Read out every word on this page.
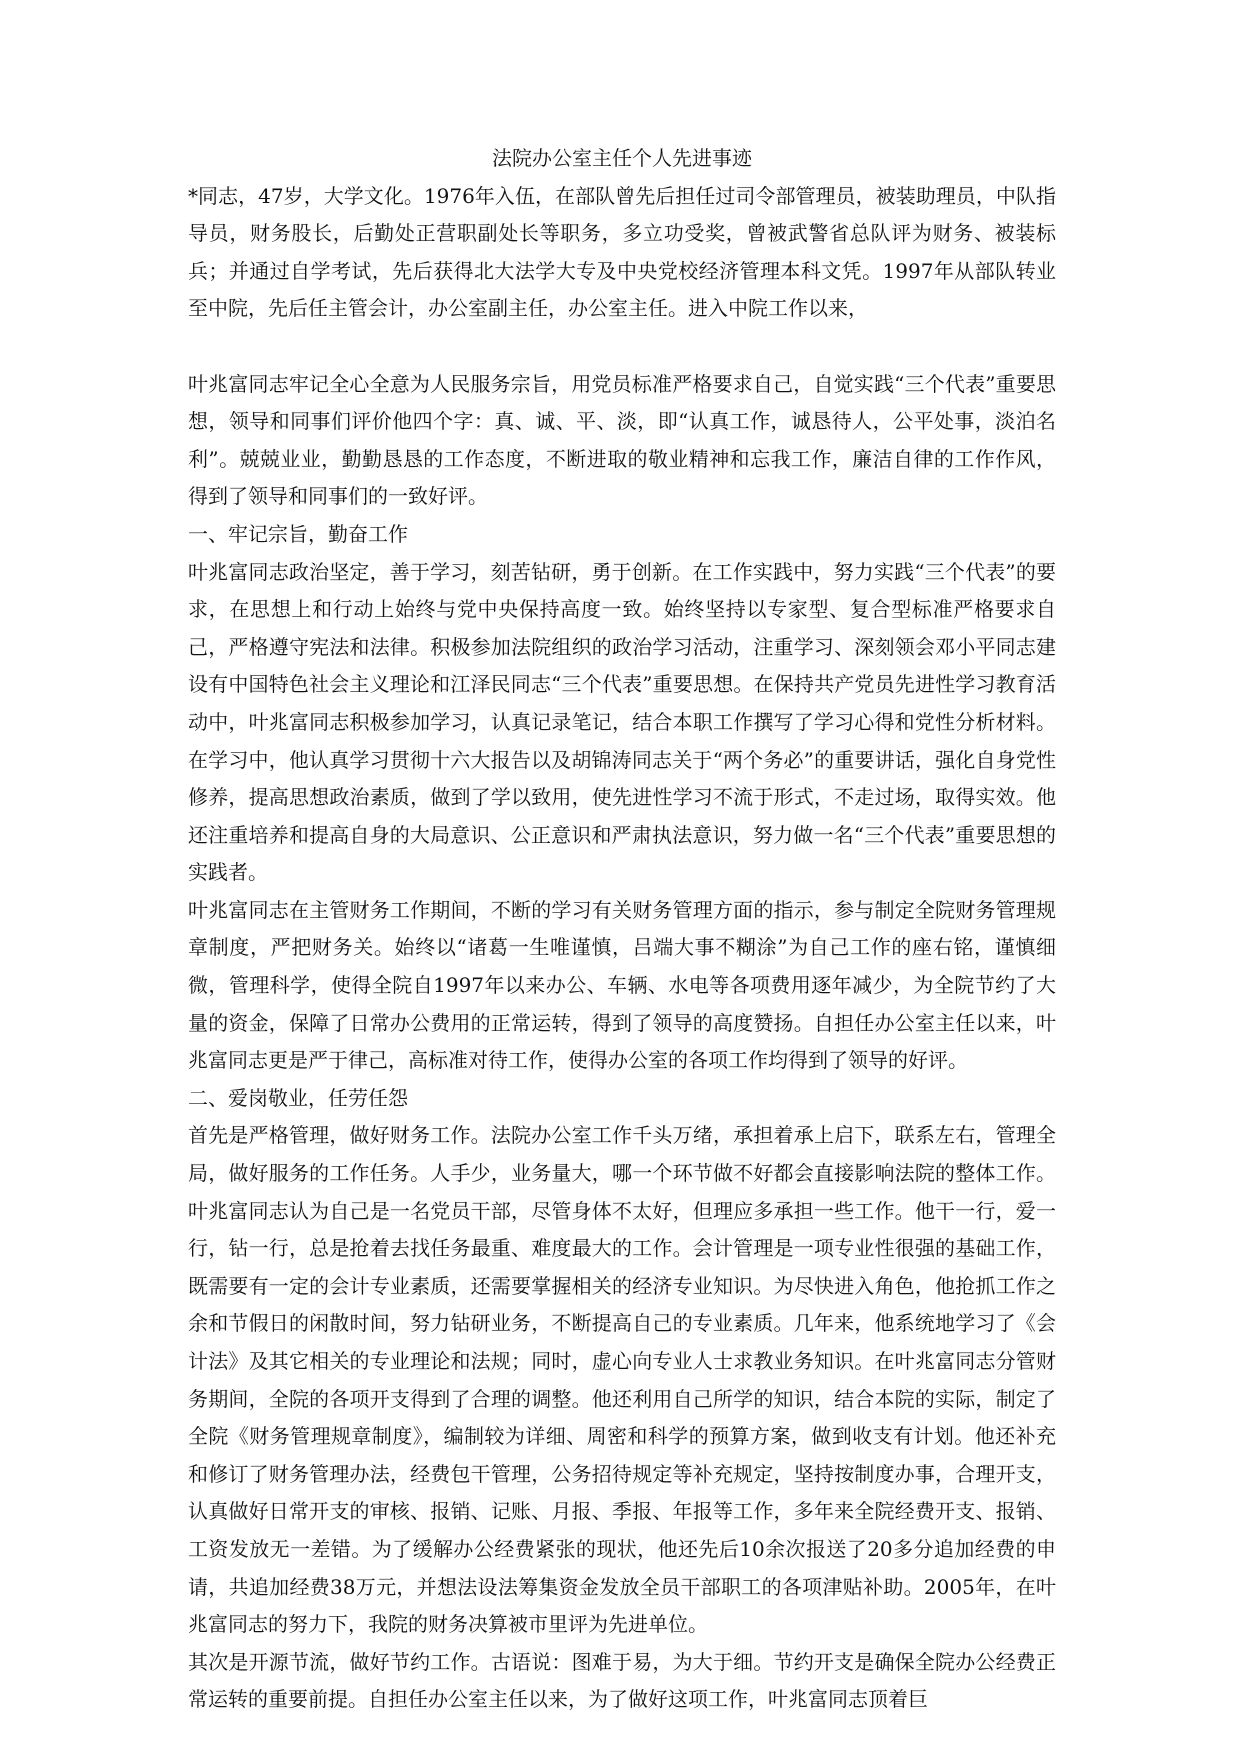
法院办公室主任个人先进事迹

*同志，47岁，大学文化。1976年入伍，在部队曾先后担任过司令部管理员，被装助理员，中队指导员，财务股长，后勤处正营职副处长等职务，多立功受奖，曾被武警省总队评为财务、被装标兵；并通过自学考试，先后获得北大法学大专及中央党校经济管理本科文凭。1997年从部队转业至中院，先后任主管会计，办公室副主任，办公室主任。进入中院工作以来，

叶兆富同志牢记全心全意为人民服务宗旨，用党员标准严格要求自己，自觉实践“三个代表”重要思想，领导和同事们评价他四个字：真、诚、平、淡，即“认真工作，诚恳待人，公平处事，淡泊名利”。兢兢业业，勤勤恳恳的工作态度，不断进取的敬业精神和忘我工作，廉洁自律的工作作风，得到了领导和同事们的一致好评。

一、牢记宗旨，勤奋工作

叶兆富同志政治坚定，善于学习，刻苦钻研，勇于创新。在工作实践中，努力实践“三个代表”的要求，在思想上和行动上始终与党中央保持高度一致。始终坚持以专家型、复合型标准严格要求自己，严格遵守宪法和法律。积极参加法院组织的政治学习活动，注重学习、深刻领会邓小平同志建设有中国特色社会主义理论和江泽民同志“三个代表”重要思想。在保持共产党员先进性学习教育活动中，叶兆富同志积极参加学习，认真记录笔记，结合本职工作撰写了学习心得和党性分析材料。在学习中，他认真学习贯彻十六大报告以及胡锦涛同志关于“两个务必”的重要讲话，强化自身党性修养，提高思想政治素质，做到了学以致用，使先进性学习不流于形式，不走过场，取得实效。他还注重培养和提高自身的大局意识、公正意识和严肃执法意识，努力做一名“三个代表”重要思想的实践者。

叶兆富同志在主管财务工作期间，不断的学习有关财务管理方面的指示，参与制定全院财务管理规章制度，严把财务关。始终以“诸葛一生唯谨慎，吕端大事不糊涂”为自己工作的座右铭，谨慎细微，管理科学，使得全院自1997年以来办公、车辆、水电等各项费用逐年减少，为全院节约了大量的资金，保障了日常办公费用的正常运转，得到了领导的高度赞扬。自担任办公室主任以来，叶兆富同志更是严于律己，高标准对待工作，使得办公室的各项工作均得到了领导的好评。

二、爱岗敬业，任劳任怨

首先是严格管理，做好财务工作。法院办公室工作千头万绪，承担着承上启下，联系左右，管理全局，做好服务的工作任务。人手少，业务量大，哪一个环节做不好都会直接影响法院的整体工作。叶兆富同志认为自己是一名党员干部，尽管身体不太好，但理应多承担一些工作。他干一行，爱一行，钻一行，总是抢着去找任务最重、难度最大的工作。会计管理是一项专业性很强的基础工作，既需要有一定的会计专业素质，还需要掌握相关的经济专业知识。为尽快进入角色，他抢抓工作之余和节假日的闲散时间，努力钻研业务，不断提高自己的专业素质。几年来，他系统地学习了《会计法》及其它相关的专业理论和法规；同时，虚心向专业人士求教业务知识。在叶兆富同志分管财务期间，全院的各项开支得到了合理的调整。他还利用自己所学的知识，结合本院的实际，制定了全院《财务管理规章制度》，编制较为详细、周密和科学的预算方案，做到收支有计划。他还补充和修订了财务管理办法，经费包干管理，公务招待规定等补充规定，坚持按制度办事，合理开支，认真做好日常开支的审核、报销、记账、月报、季报、年报等工作，多年来全院经费开支、报销、工资发放无一差错。为了缓解办公经费紧张的现状，他还先后10余次报送了20多分追加经费的申请，共追加经费38万元，并想法设法筹集资金发放全员干部职工的各项津贴补助。2005年，在叶兆富同志的努力下，我院的财务决算被市里评为先进单位。

其次是开源节流，做好节约工作。古语说：图难于易，为大于细。节约开支是确保全院办公经费正常运转的重要前提。自担任办公室主任以来，为了做好这项工作，叶兆富同志顶着巨
